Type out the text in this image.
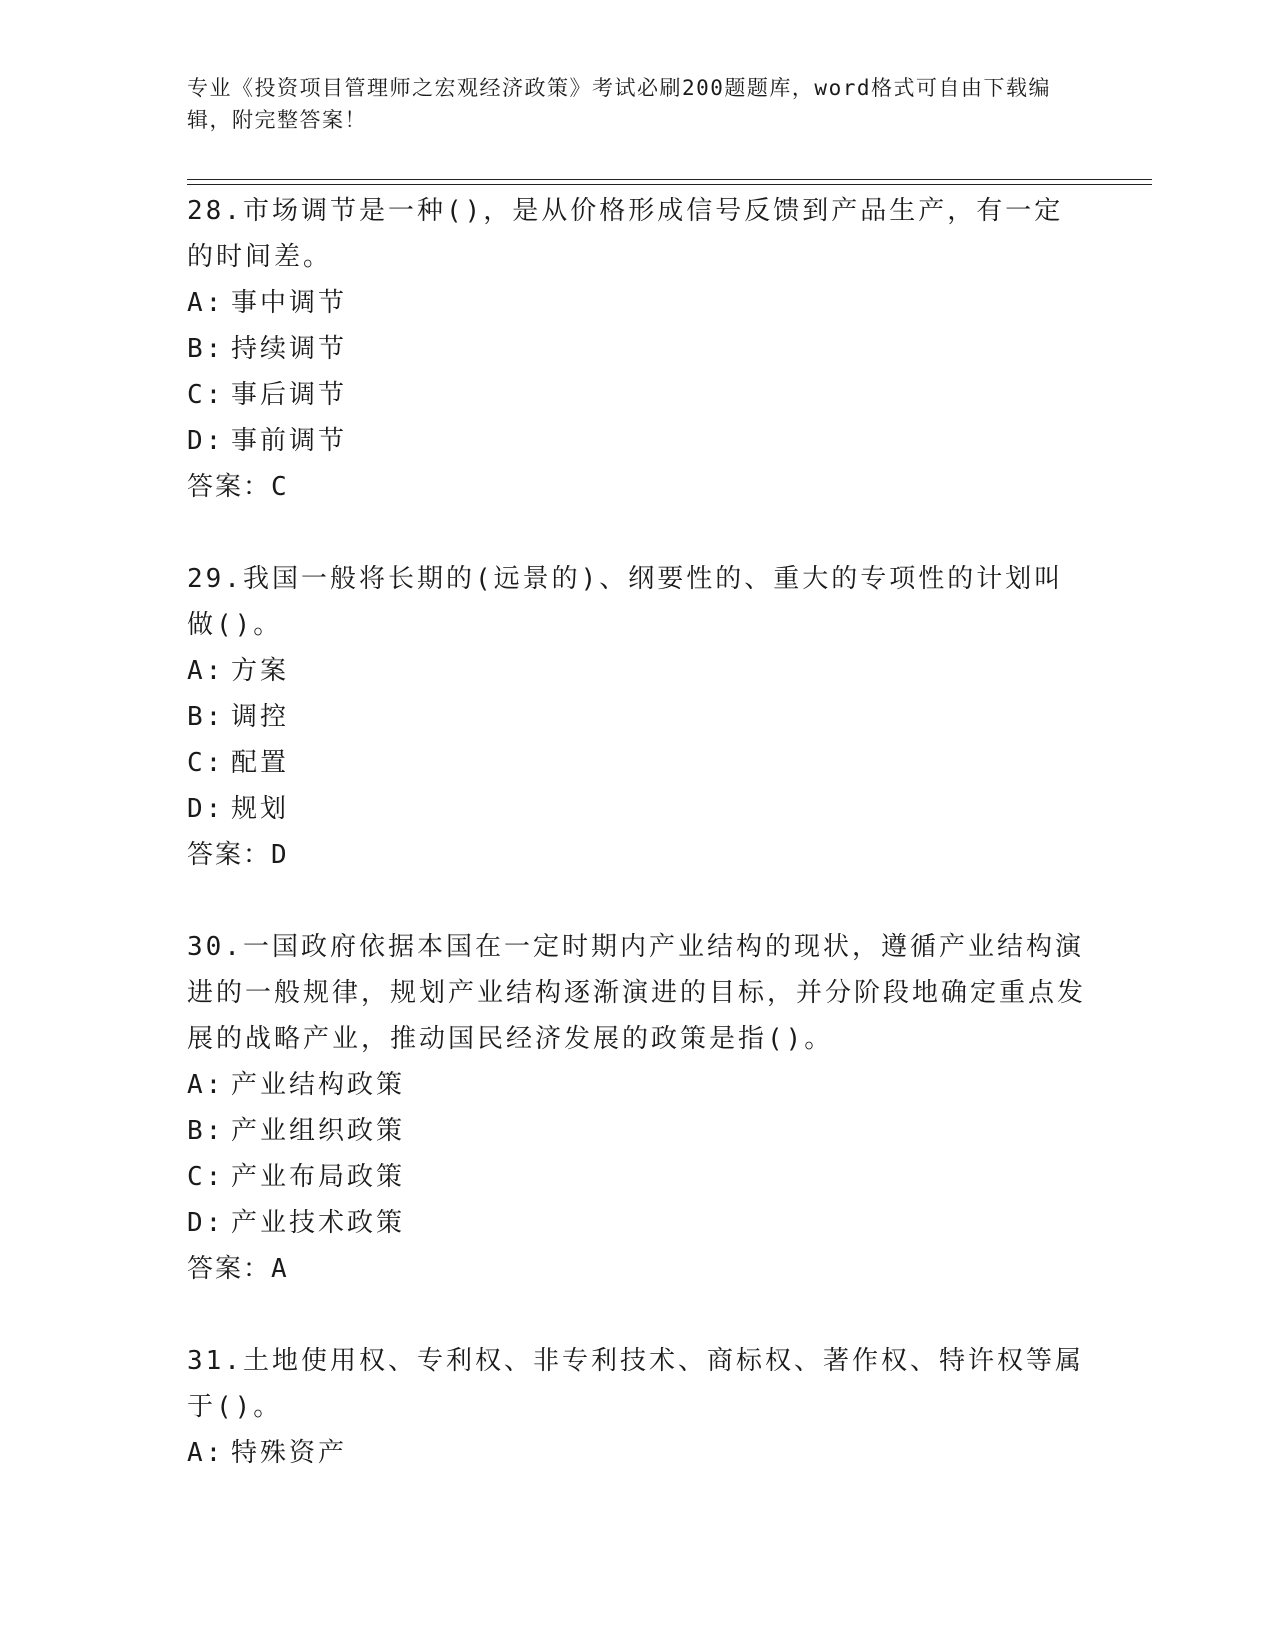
专业《投资项目管理师之宏观经济政策》考试必刷200题题库，word格式可自由下载编辑，附完整答案！

28.市场调节是一种()，是从价格形成信号反馈到产品生产，有一定的时间差。

A: 事中调节
B: 持续调节
C: 事后调节
D: 事前调节
答案：C

29.我国一般将长期的(远景的)、纲要性的、重大的专项性的计划叫做()。

A: 方案
B: 调控
C: 配置
D: 规划
答案：D

30.一国政府依据本国在一定时期内产业结构的现状，遵循产业结构演进的一般规律，规划产业结构逐渐演进的目标，并分阶段地确定重点发展的战略产业，推动国民经济发展的政策是指()。

A: 产业结构政策
B: 产业组织政策
C: 产业布局政策
D: 产业技术政策
答案：A

31.土地使用权、专利权、非专利技术、商标权、著作权、特许权等属于()。

A: 特殊资产
